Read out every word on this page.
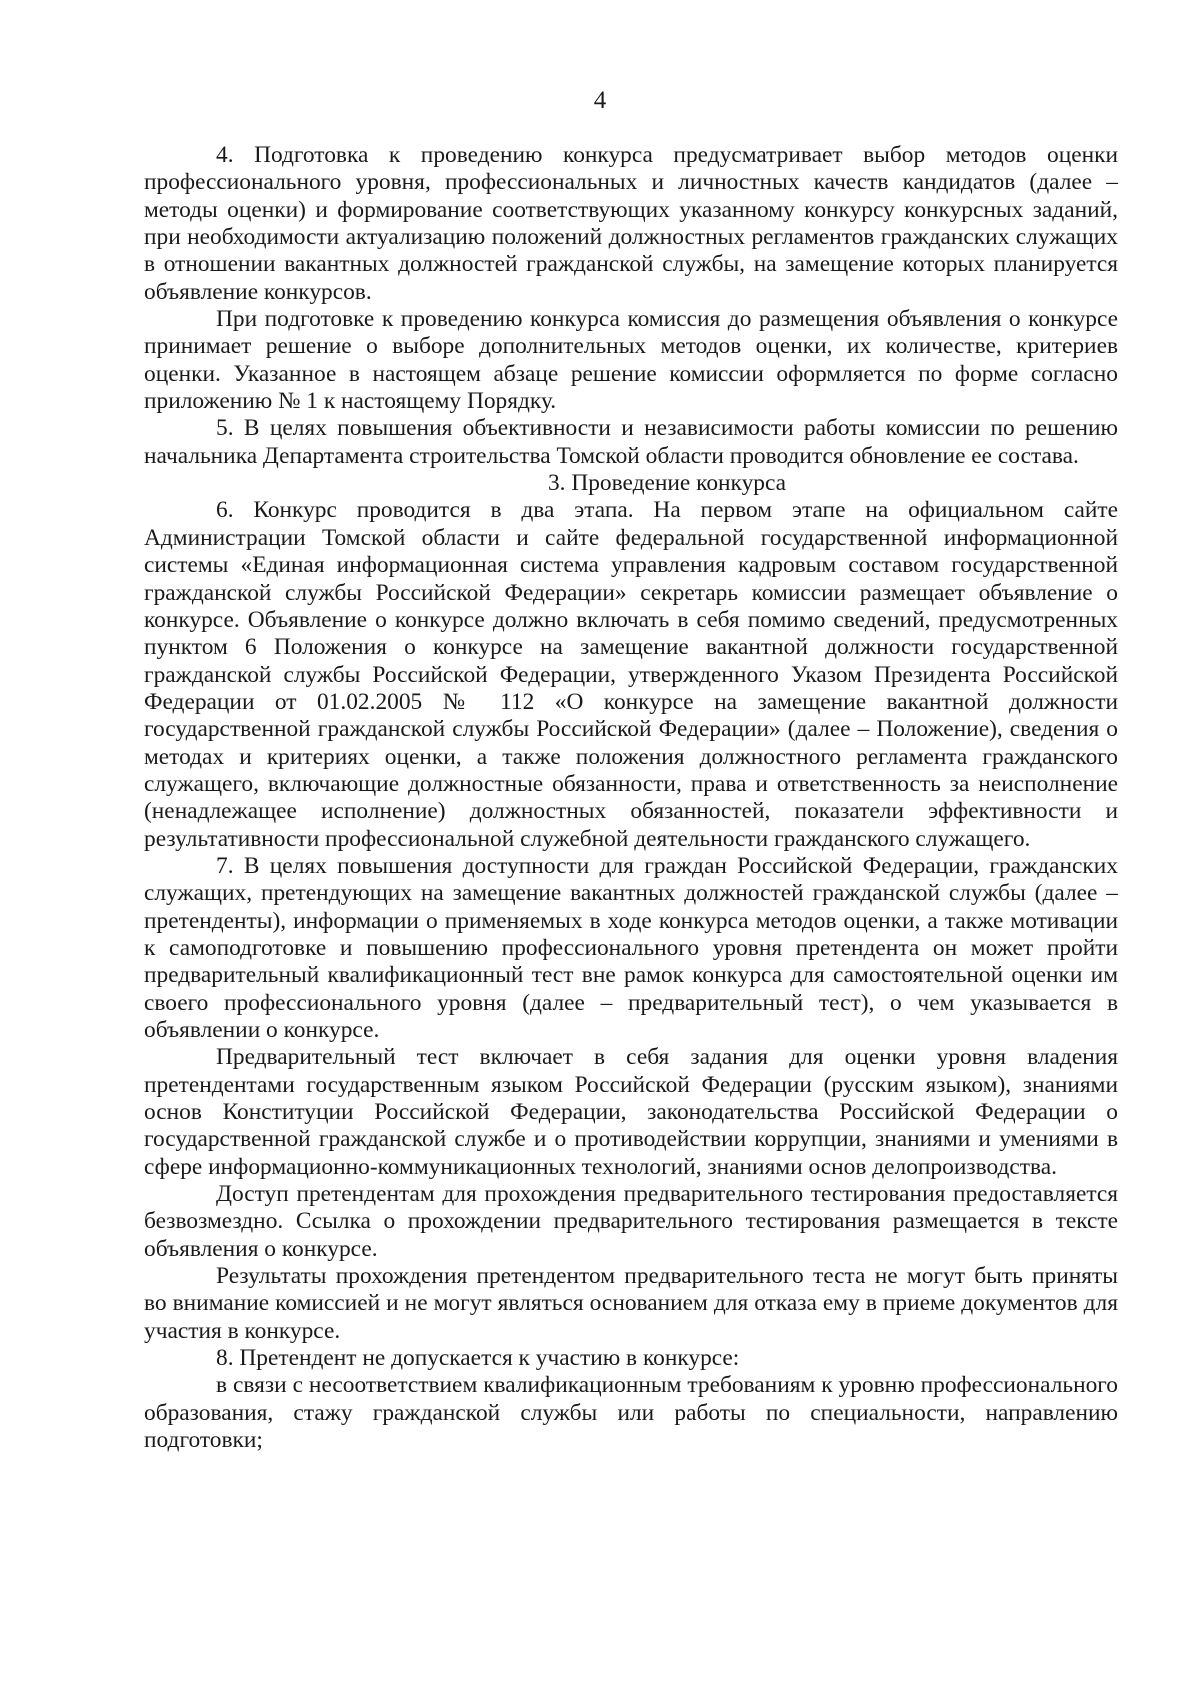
4

4. Подготовка к проведению конкурса предусматривает выбор методов оценки профессионального уровня, профессиональных и личностных качеств кандидатов (далее – методы оценки) и формирование соответствующих указанному конкурсу конкурсных заданий, при необходимости актуализацию положений должностных регламентов гражданских служащих в отношении вакантных должностей гражданской службы, на замещение которых планируется объявление конкурсов.

При подготовке к проведению конкурса комиссия до размещения объявления о конкурсе принимает решение о выборе дополнительных методов оценки, их количестве, критериев оценки. Указанное в настоящем абзаце решение комиссии оформляется по форме согласно приложению № 1 к настоящему Порядку.

5. В целях повышения объективности и независимости работы комиссии по решению начальника Департамента строительства Томской области проводится обновление ее состава.

3. Проведение конкурса

6. Конкурс проводится в два этапа. На первом этапе на официальном сайте Администрации Томской области и сайте федеральной государственной информационной системы «Единая информационная система управления кадровым составом государственной гражданской службы Российской Федерации» секретарь комиссии размещает объявление о конкурсе. Объявление о конкурсе должно включать в себя помимо сведений, предусмотренных пунктом 6 Положения о конкурсе на замещение вакантной должности государственной гражданской службы Российской Федерации, утвержденного Указом Президента Российской Федерации от 01.02.2005 № 112 «О конкурсе на замещение вакантной должности государственной гражданской службы Российской Федерации» (далее – Положение), сведения о методах и критериях оценки, а также положения должностного регламента гражданского служащего, включающие должностные обязанности, права и ответственность за неисполнение (ненадлежащее исполнение) должностных обязанностей, показатели эффективности и результативности профессиональной служебной деятельности гражданского служащего.

7. В целях повышения доступности для граждан Российской Федерации, гражданских служащих, претендующих на замещение вакантных должностей гражданской службы (далее – претенденты), информации о применяемых в ходе конкурса методов оценки, а также мотивации к самоподготовке и повышению профессионального уровня претендента он может пройти предварительный квалификационный тест вне рамок конкурса для самостоятельной оценки им своего профессионального уровня (далее – предварительный тест), о чем указывается в объявлении о конкурсе.

Предварительный тест включает в себя задания для оценки уровня владения претендентами государственным языком Российской Федерации (русским языком), знаниями основ Конституции Российской Федерации, законодательства Российской Федерации о государственной гражданской службе и о противодействии коррупции, знаниями и умениями в сфере информационно-коммуникационных технологий, знаниями основ делопроизводства.

Доступ претендентам для прохождения предварительного тестирования предоставляется безвозмездно. Ссылка о прохождении предварительного тестирования размещается в тексте объявления о конкурсе.

Результаты прохождения претендентом предварительного теста не могут быть приняты во внимание комиссией и не могут являться основанием для отказа ему в приеме документов для участия в конкурсе.

8. Претендент не допускается к участию в конкурсе:

в связи с несоответствием квалификационным требованиям к уровню профессионального образования, стажу гражданской службы или работы по специальности, направлению подготовки;
